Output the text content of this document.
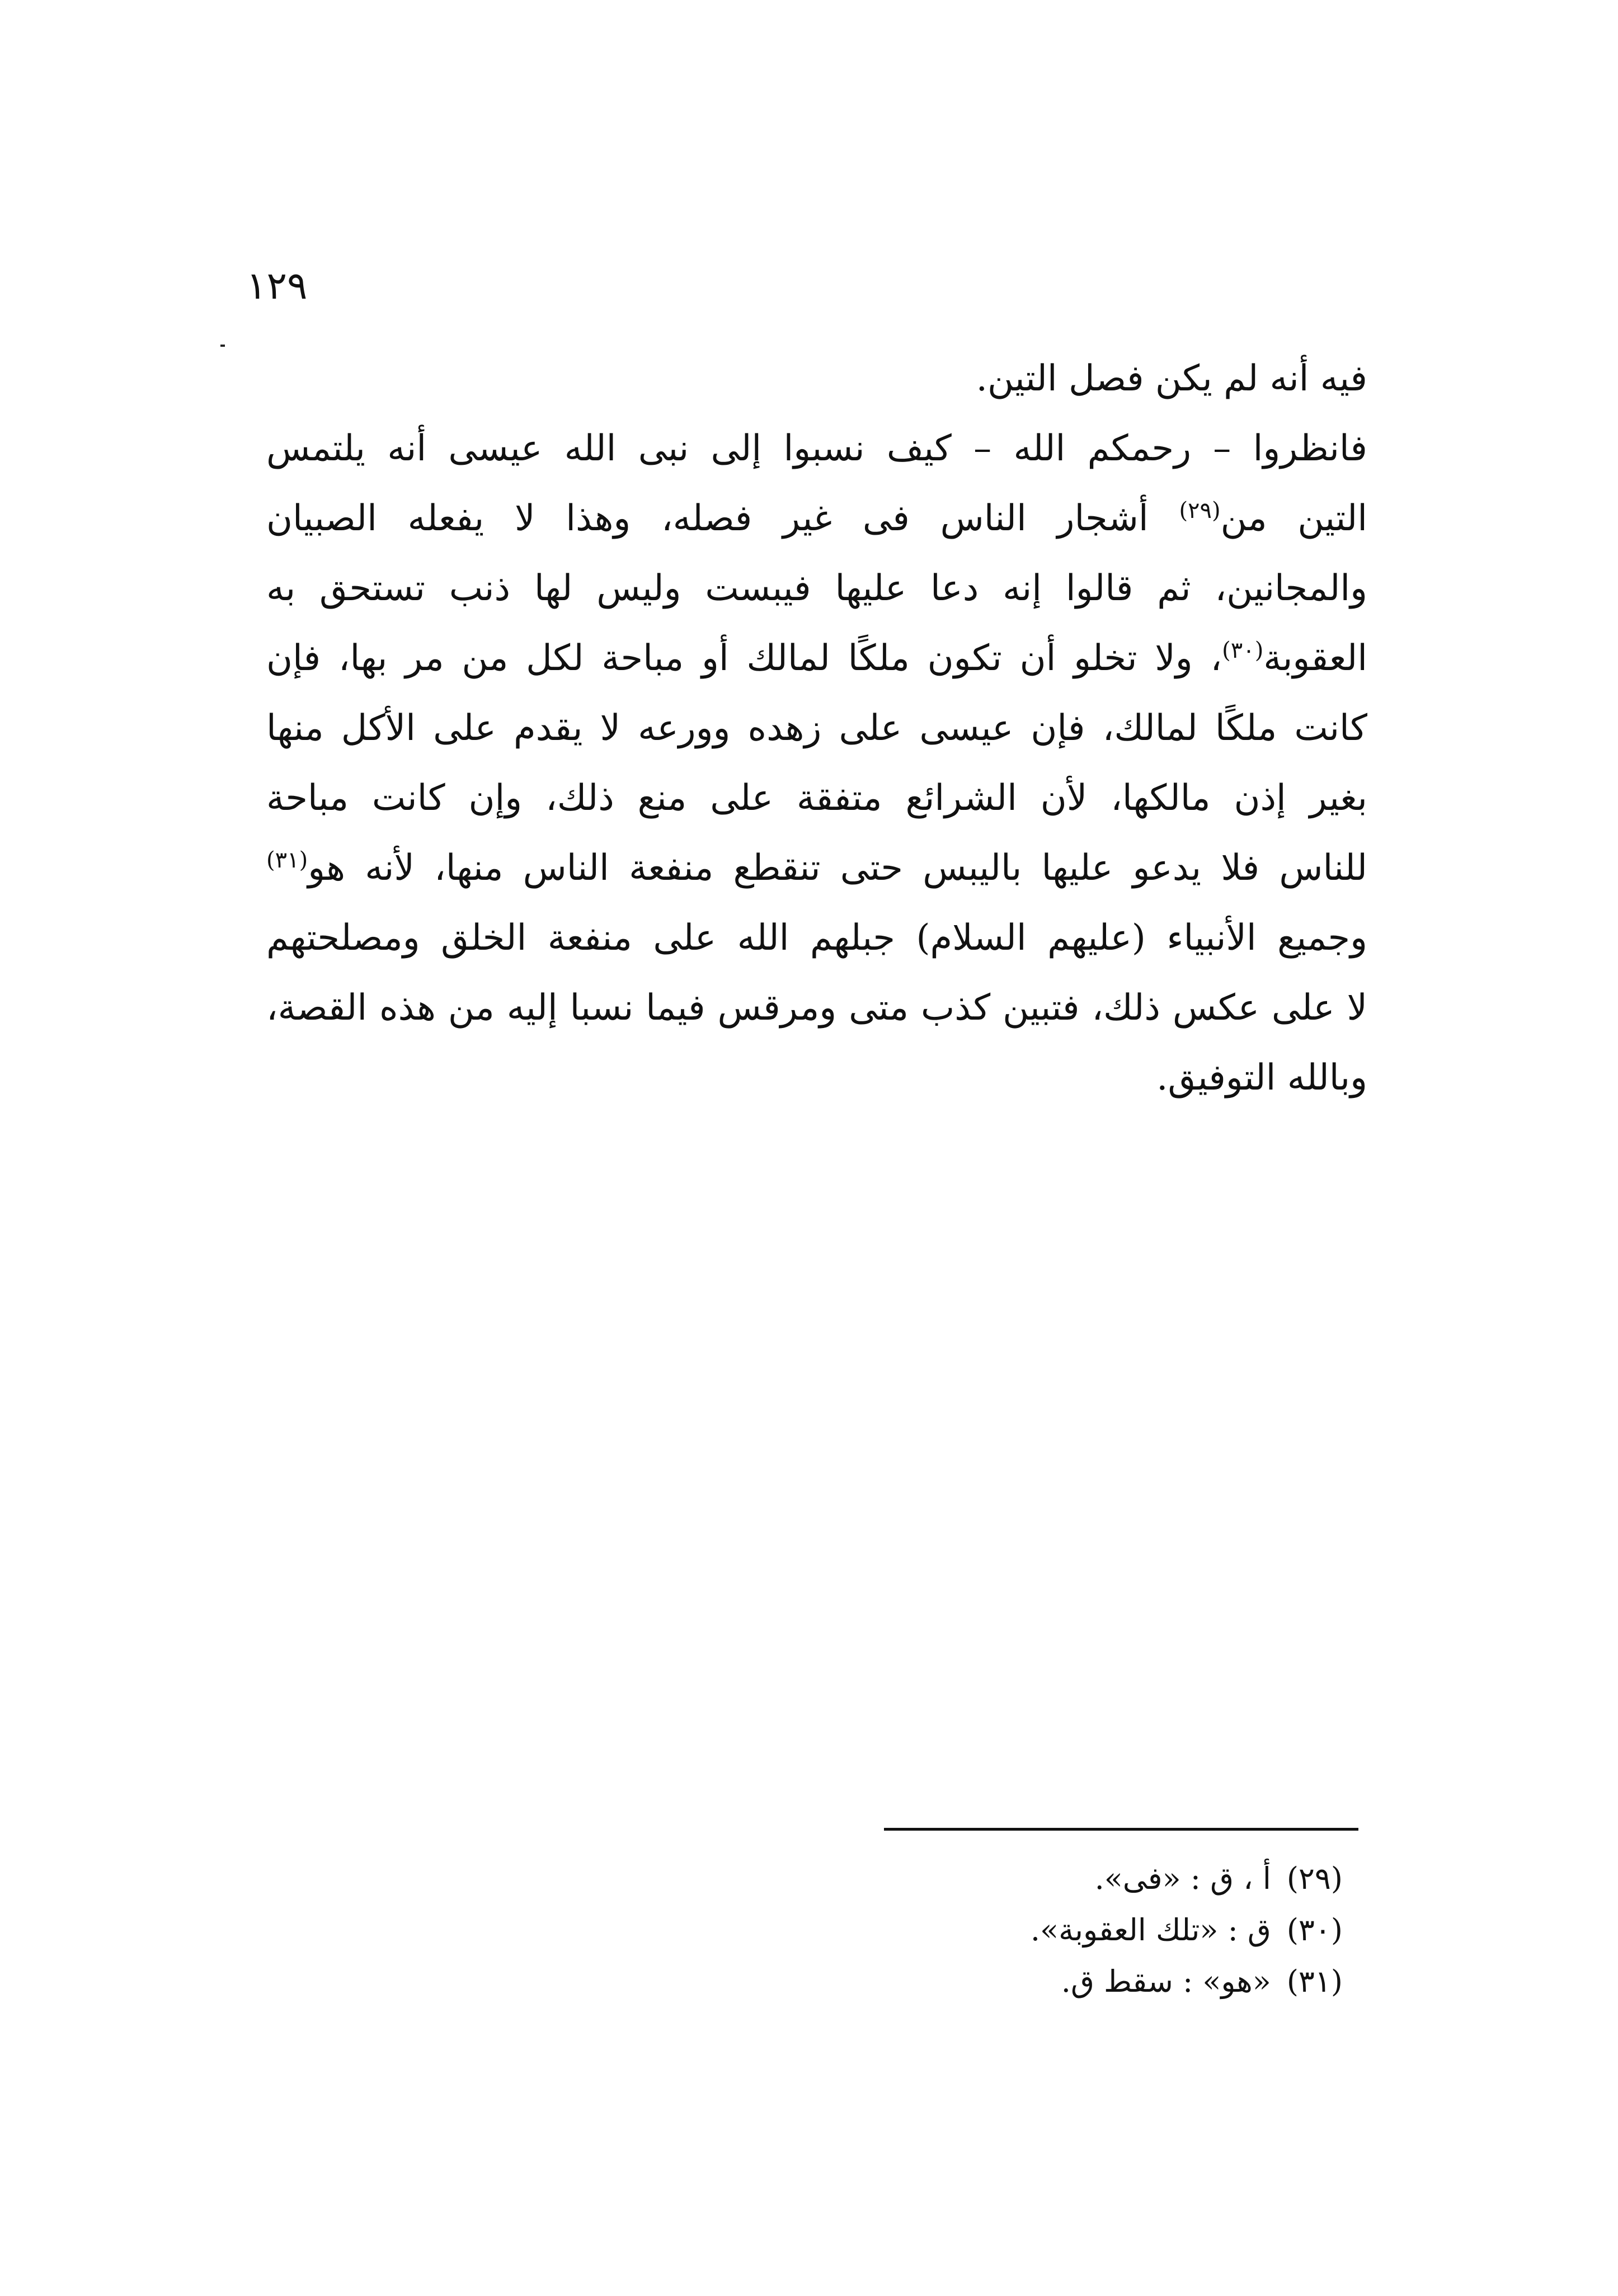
١٢٩
فيه أنه لم يكن فصل التين.
فانظروا – رحمكم الله – كيف نسبوا إلى نبى الله عيسى أنه يلتمس
التين من$^{(٢٩)}$ أشجار الناس فى غير فصله، وهذا لا يفعله الصبيان
والمجانين، ثم قالوا إنه دعا عليها فيبست وليس لها ذنب تستحق به
العقوبة$^{(٣٠)}$، ولا تخلو أن تكون ملكًا لمالك أو مباحة لكل من مر بها، فإن
كانت ملكًا لمالك، فإن عيسى على زهده وورعه لا يقدم على الأكل منها
بغير إذن مالكها، لأن الشرائع متفقة على منع ذلك، وإن كانت مباحة
للناس فلا يدعو عليها باليبس حتى تنقطع منفعة الناس منها، لأنه هو$^{(٣١)}$
وجميع الأنبياء (عليهم السلام) جبلهم الله على منفعة الخلق ومصلحتهم
لا على عكس ذلك، فتبين كذب متى ومرقس فيما نسبا إليه من هذه القصة،
وبالله التوفيق.
(٢٩)أ ، ق : «فى».
(٣٠)ق : «تلك العقوبة».
(٣١)«هو» : سقط ق.
